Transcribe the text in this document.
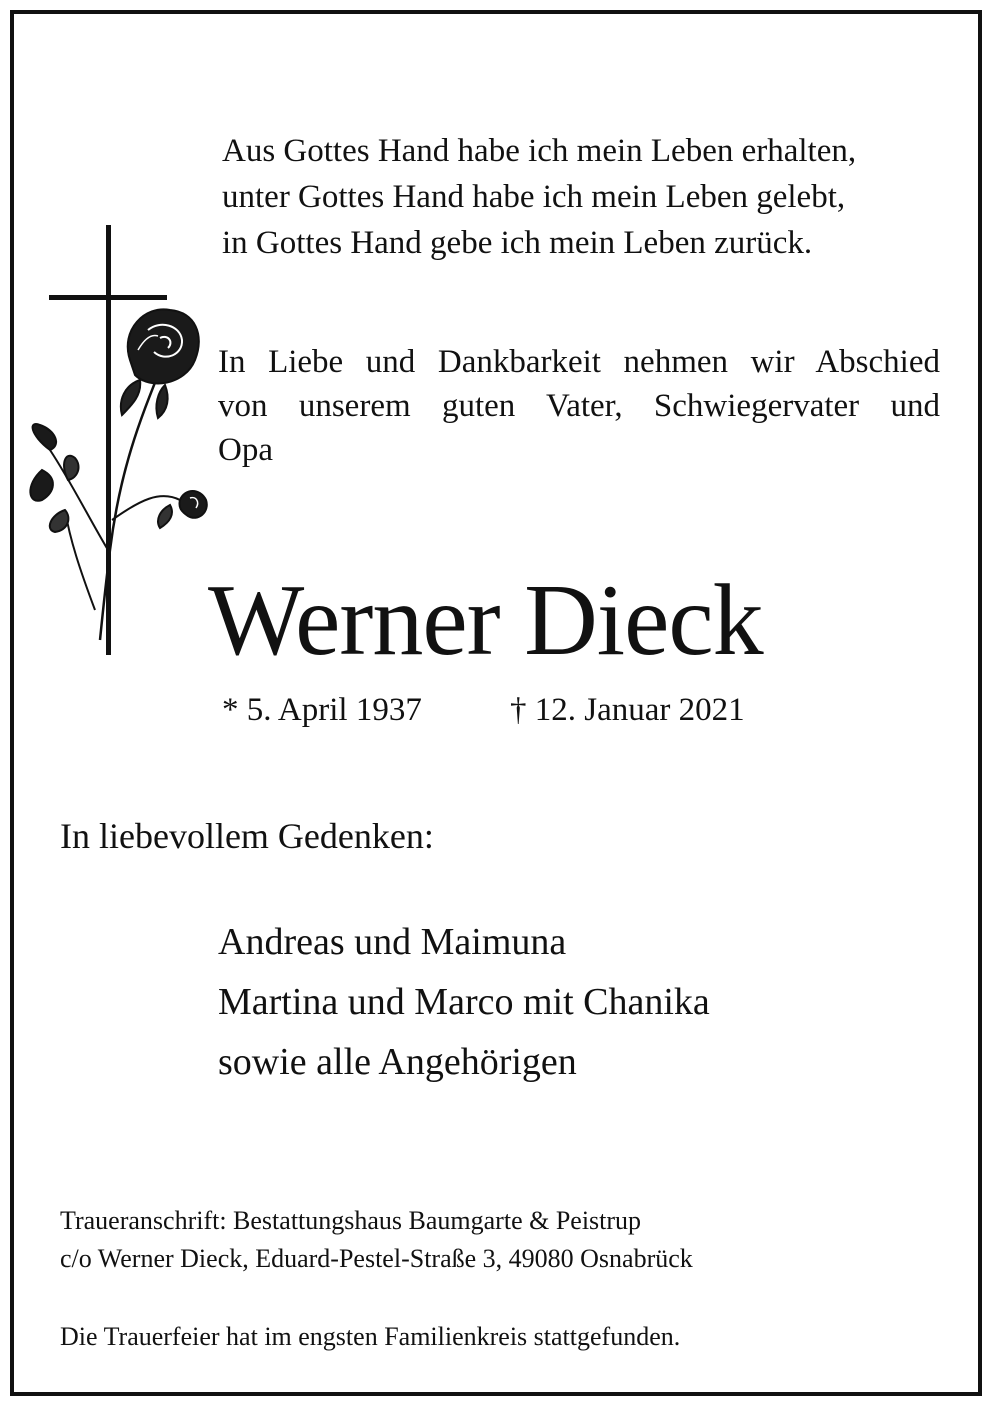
Aus Gottes Hand habe ich mein Leben erhalten,
unter Gottes Hand habe ich mein Leben gelebt,
in Gottes Hand gebe ich mein Leben zurück.
In Liebe und Dankbarkeit nehmen wir Abschied
von unserem guten Vater, Schwiegervater und
Opa
Werner Dieck
* 5. April 1937	† 12. Januar 2021
In liebevollem Gedenken:
Andreas und Maimuna
Martina und Marco mit Chanika
sowie alle Angehörigen
Traueranschrift: Bestattungshaus Baumgarte & Peistrup
c/o Werner Dieck, Eduard-Pestel-Straße 3, 49080 Osnabrück
Die Trauerfeier hat im engsten Familienkreis stattgefunden.
